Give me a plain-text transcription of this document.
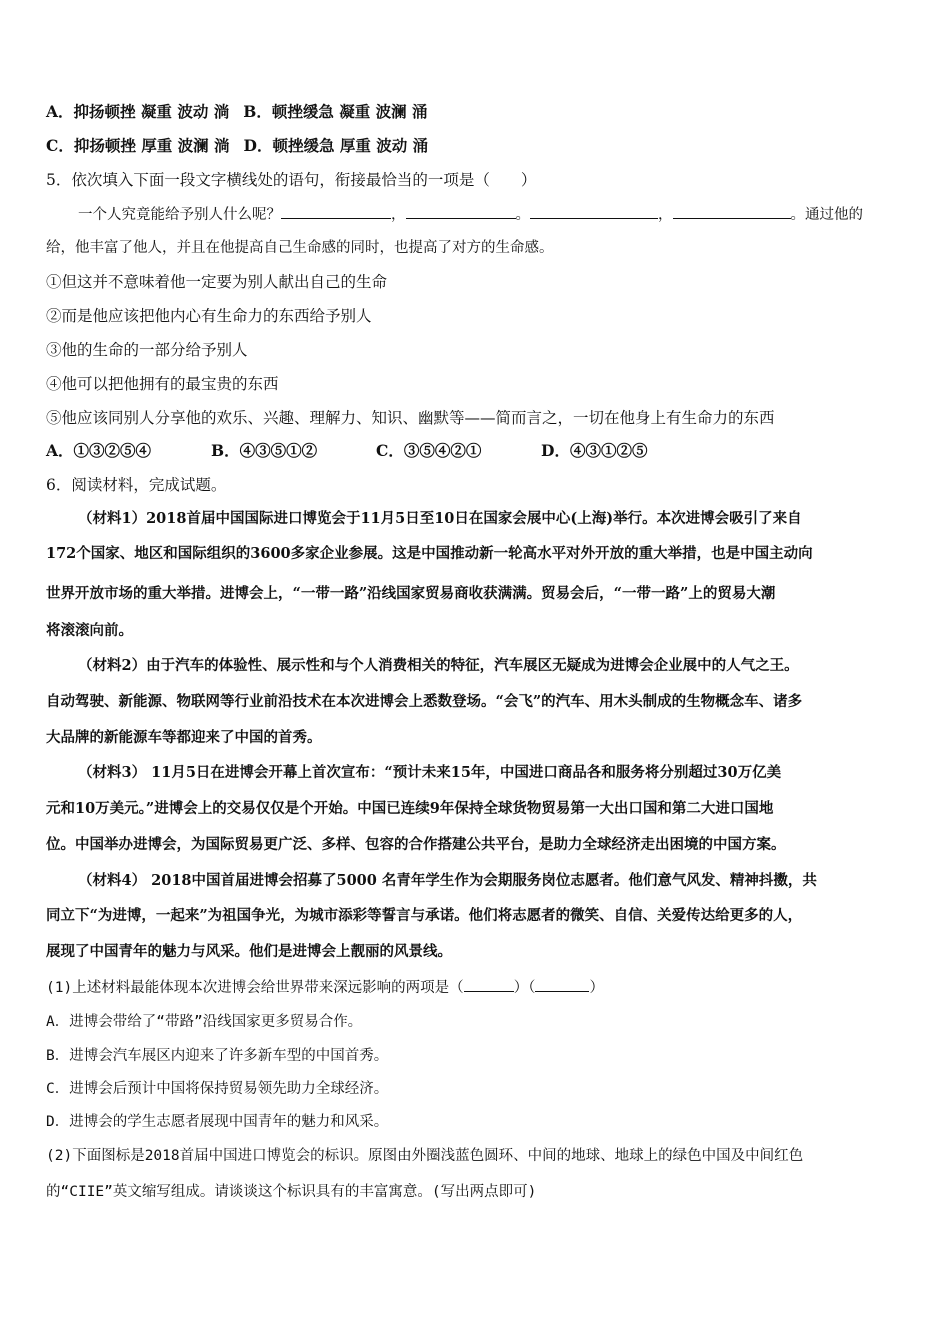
A．抑扬顿挫 凝重 波动 淌 B．顿挫缓急 凝重 波澜 涌
C．抑扬顿挫 厚重 波澜 淌 D．顿挫缓急 厚重 波动 涌
5．依次填入下面一段文字横线处的语句，衔接最恰当的一项是（　　）
一个人究竟能给予别人什么呢？	，	。	，	。通过他的
给，他丰富了他人，并且在他提高自己生命感的同时，也提高了对方的生命感。
①但这并不意味着他一定要为别人献出自己的生命
②而是他应该把他内心有生命力的东西给予别人
③他的生命的一部分给予别人
④他可以把他拥有的最宝贵的东西
⑤他应该同别人分享他的欢乐、兴趣、理解力、知识、幽默等——简而言之，一切在他身上有生命力的东西
A．①③②⑤④	B．④③⑤①②	C．③⑤④②①	D．④③①②⑤
6．阅读材料，完成试题。
（材料1）2018首届中国国际进口博览会于11月5日至10日在国家会展中心(上海)举行。本次进博会吸引了来自
172个国家、地区和国际组织的3600多家企业参展。这是中国推动新一轮高水平对外开放的重大举措，也是中国主动向
世界开放市场的重大举措。进博会上，“一带一路”沿线国家贸易商收获满满。贸易会后，“一带一路”上的贸易大潮
将滚滚向前。
（材料2）由于汽车的体验性、展示性和与个人消费相关的特征，汽车展区无疑成为进博会企业展中的人气之王。
自动驾驶、新能源、物联网等行业前沿技术在本次进博会上悉数登场。“会飞”的汽车、用木头制成的生物概念车、诸多
大品牌的新能源车等都迎来了中国的首秀。
（材料3） 11月5日在进博会开幕上首次宣布：“预计未来15年，中国进口商品各和服务将分别超过30万亿美
元和10万美元。”进博会上的交易仅仅是个开始。中国已连续9年保持全球货物贸易第一大出口国和第二大进口国地
位。中国举办进博会，为国际贸易更广泛、多样、包容的合作搭建公共平台，是助力全球经济走出困境的中国方案。
（材料4） 2018中国首届进博会招募了5000 名青年学生作为会期服务岗位志愿者。他们意气风发、精神抖擞，共
同立下“为进博，一起来”为祖国争光，为城市添彩等誓言与承诺。他们将志愿者的微笑、自信、关爱传达给更多的人，
展现了中国青年的魅力与风采。他们是进博会上靓丽的风景线。
(1)上述材料最能体现本次进博会给世界带来深远影响的两项是（	）（	）
A．进博会带给了“带路”沿线国家更多贸易合作。
B．进博会汽车展区内迎来了许多新车型的中国首秀。
C．进博会后预计中国将保持贸易领先助力全球经济。
D．进博会的学生志愿者展现中国青年的魅力和风采。
(2)下面图标是2018首届中国进口博览会的标识。原图由外圈浅蓝色圆环、中间的地球、地球上的绿色中国及中间红色
的“CIIE”英文缩写组成。请谈谈这个标识具有的丰富寓意。(写出两点即可)
